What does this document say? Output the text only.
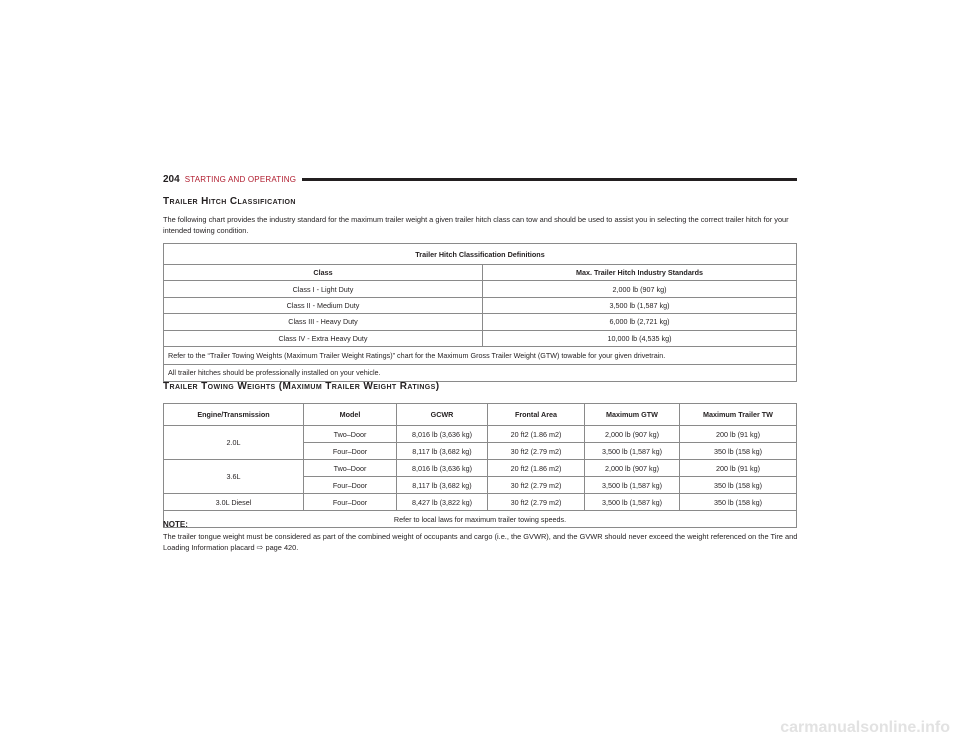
204 STARTING AND OPERATING
Trailer Hitch Classification
The following chart provides the industry standard for the maximum trailer weight a given trailer hitch class can tow and should be used to assist you in selecting the correct trailer hitch for your intended towing condition.
Trailer Hitch Classification Definitions	
Class	Max. Trailer Hitch Industry Standards
Class I - Light Duty	2,000 lb (907 kg)
Class II - Medium Duty	3,500 lb (1,587 kg)
Class III - Heavy Duty	6,000 lb (2,721 kg)
Class IV - Extra Heavy Duty	10,000 lb (4,535 kg)
Refer to the “Trailer Towing Weights (Maximum Trailer Weight Ratings)” chart for the Maximum Gross Trailer Weight (GTW) towable for your given drivetrain.	
All trailer hitches should be professionally installed on your vehicle.	
Trailer Towing Weights (Maximum Trailer Weight Ratings)
Engine/Transmission	Model	GCWR	Frontal Area	Maximum GTW	Maximum Trailer TW
2.0L	Two–Door	8,016 lb (3,636 kg)	20 ft2 (1.86 m2)	2,000 lb (907 kg)	200 lb (91 kg)
	Four–Door	8,117 lb (3,682 kg)	30 ft2 (2.79 m2)	3,500 lb (1,587 kg)	350 lb (158 kg)
3.6L	Two–Door	8,016 lb (3,636 kg)	20 ft2 (1.86 m2)	2,000 lb (907 kg)	200 lb (91 kg)
	Four–Door	8,117 lb (3,682 kg)	30 ft2 (2.79 m2)	3,500 lb (1,587 kg)	350 lb (158 kg)
3.0L Diesel	Four–Door	8,427 lb (3,822 kg)	30 ft2 (2.79 m2)	3,500 lb (1,587 kg)	350 lb (158 kg)
Refer to local laws for maximum trailer towing speeds.					
NOTE:
The trailer tongue weight must be considered as part of the combined weight of occupants and cargo (i.e., the GVWR), and the GVWR should never exceed the weight referenced on the Tire and Loading Information placard ⇨ page 420.
carmanualsonline.info
